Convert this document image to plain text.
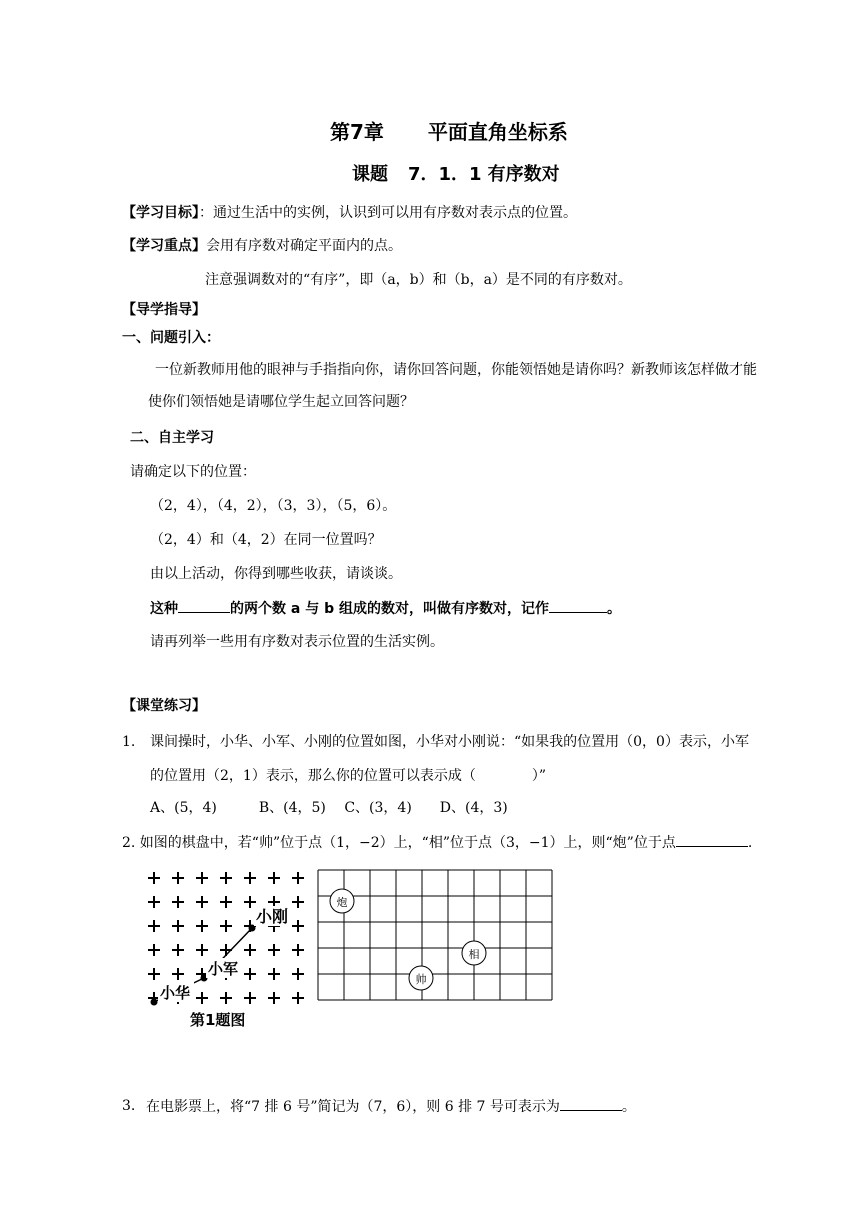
第7章 平面直角坐标系
课题 7．1．1 有序数对
【学习目标】：通过生活中的实例，认识到可以用有序数对表示点的位置。
【学习重点】会用有序数对确定平面内的点。
注意强调数对的“有序”，即（a，b）和（b，a）是不同的有序数对。
【导学指导】
一、问题引入：
一位新教师用他的眼神与手指指向你，请你回答问题，你能领悟她是请你吗？新教师该怎样做才能
使你们领悟她是请哪位学生起立回答问题？
二、自主学习
请确定以下的位置：
（2，4），（4，2），（3，3），（5，6）。
（2，4）和（4，2）在同一位置吗？
由以上活动，你得到哪些收获，请谈谈。
这种	的两个数 a 与 b 组成的数对，叫做有序数对，记作	。
请再列举一些用有序数对表示位置的生活实例。
【课堂练习】
1. 课间操时，小华、小军、小刚的位置如图，小华对小刚说：“如果我的位置用（0，0）表示，小军
的位置用（2，1）表示，那么你的位置可以表示成（　　　　）”
A、(5，4)　　　B、(4，5)　 C、(3，4)　　D、(4，3)
2. 如图的棋盘中，若“帅”位于点（1，−2）上，“相”位于点（3，−1）上，则“炮”位于点	.
小刚
小军
小华
第1题图
炮
相
帅
3. 在电影票上，将“7 排 6 号”简记为（7，6），则 6 排 7 号可表示为	。
